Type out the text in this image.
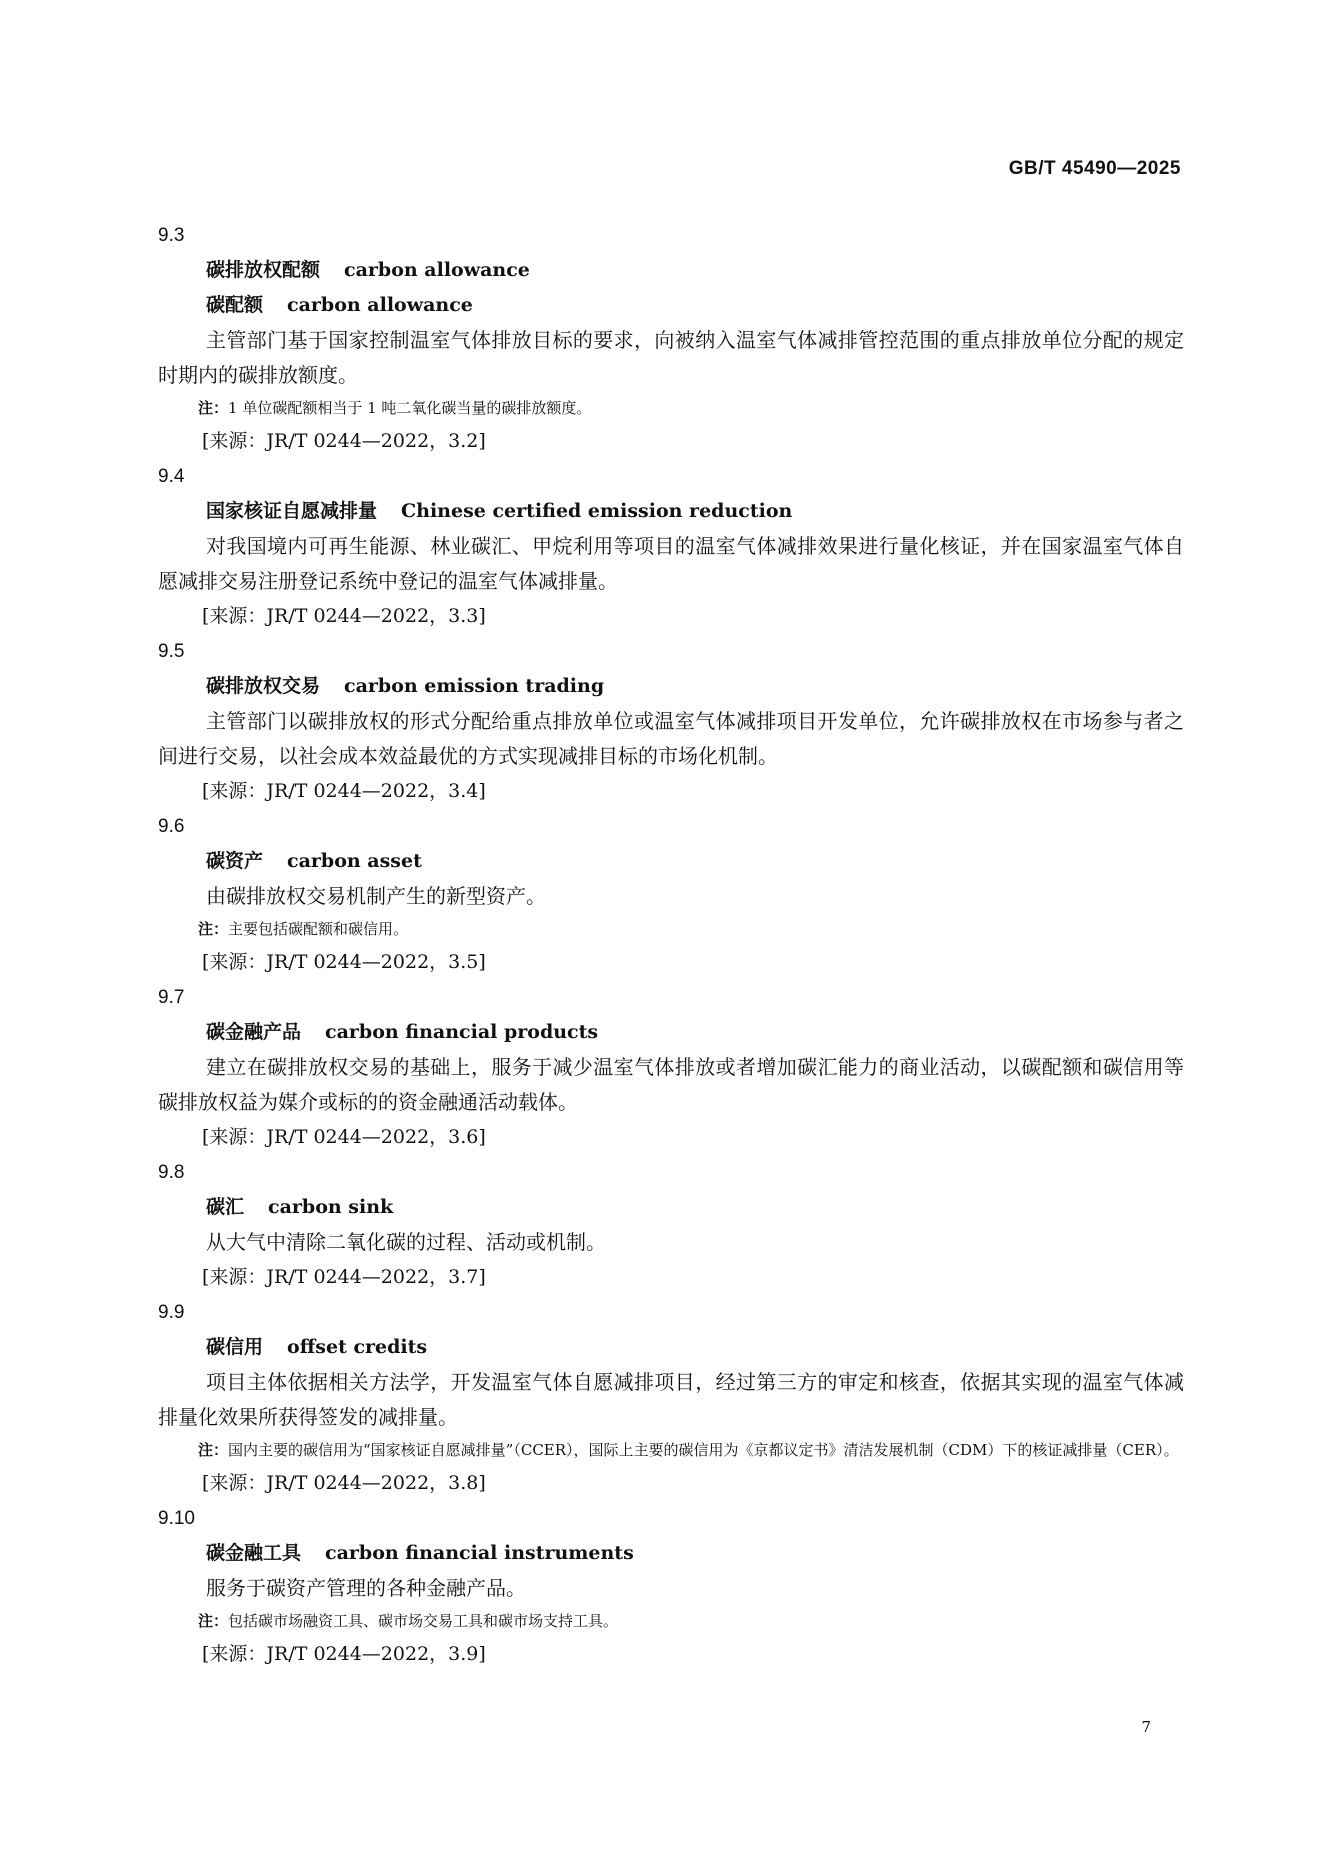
GB/T 45490—2025
9.3
碳排放权配额 carbon allowance
碳配额 carbon allowance

主管部门基于国家控制温室气体排放目标的要求，向被纳入温室气体减排管控范围的重点排放单位分配的规定时期内的碳排放额度。

注：1 单位碳配额相当于 1 吨二氧化碳当量的碳排放额度。

[来源：JR/T 0244—2022，3.2]
9.4
国家核证自愿减排量 Chinese certified emission reduction

对我国境内可再生能源、林业碳汇、甲烷利用等项目的温室气体减排效果进行量化核证，并在国家温室气体自愿减排交易注册登记系统中登记的温室气体减排量。

[来源：JR/T 0244—2022，3.3]
9.5
碳排放权交易 carbon emission trading

主管部门以碳排放权的形式分配给重点排放单位或温室气体减排项目开发单位，允许碳排放权在市场参与者之间进行交易，以社会成本效益最优的方式实现减排目标的市场化机制。

[来源：JR/T 0244—2022，3.4]
9.6
碳资产 carbon asset

由碳排放权交易机制产生的新型资产。

注：主要包括碳配额和碳信用。

[来源：JR/T 0244—2022，3.5]
9.7
碳金融产品 carbon financial products

建立在碳排放权交易的基础上，服务于减少温室气体排放或者增加碳汇能力的商业活动，以碳配额和碳信用等碳排放权益为媒介或标的的资金融通活动载体。

[来源：JR/T 0244—2022，3.6]
9.8
碳汇 carbon sink

从大气中清除二氧化碳的过程、活动或机制。

[来源：JR/T 0244—2022，3.7]
9.9
碳信用 offset credits

项目主体依据相关方法学，开发温室气体自愿减排项目，经过第三方的审定和核查，依据其实现的温室气体减排量化效果所获得签发的减排量。

注：国内主要的碳信用为“国家核证自愿减排量”（CCER），国际上主要的碳信用为《京都议定书》清洁发展机制（CDM）下的核证减排量（CER）。

[来源：JR/T 0244—2022，3.8]
9.10
碳金融工具 carbon financial instruments

服务于碳资产管理的各种金融产品。

注：包括碳市场融资工具、碳市场交易工具和碳市场支持工具。

[来源：JR/T 0244—2022，3.9]
7
